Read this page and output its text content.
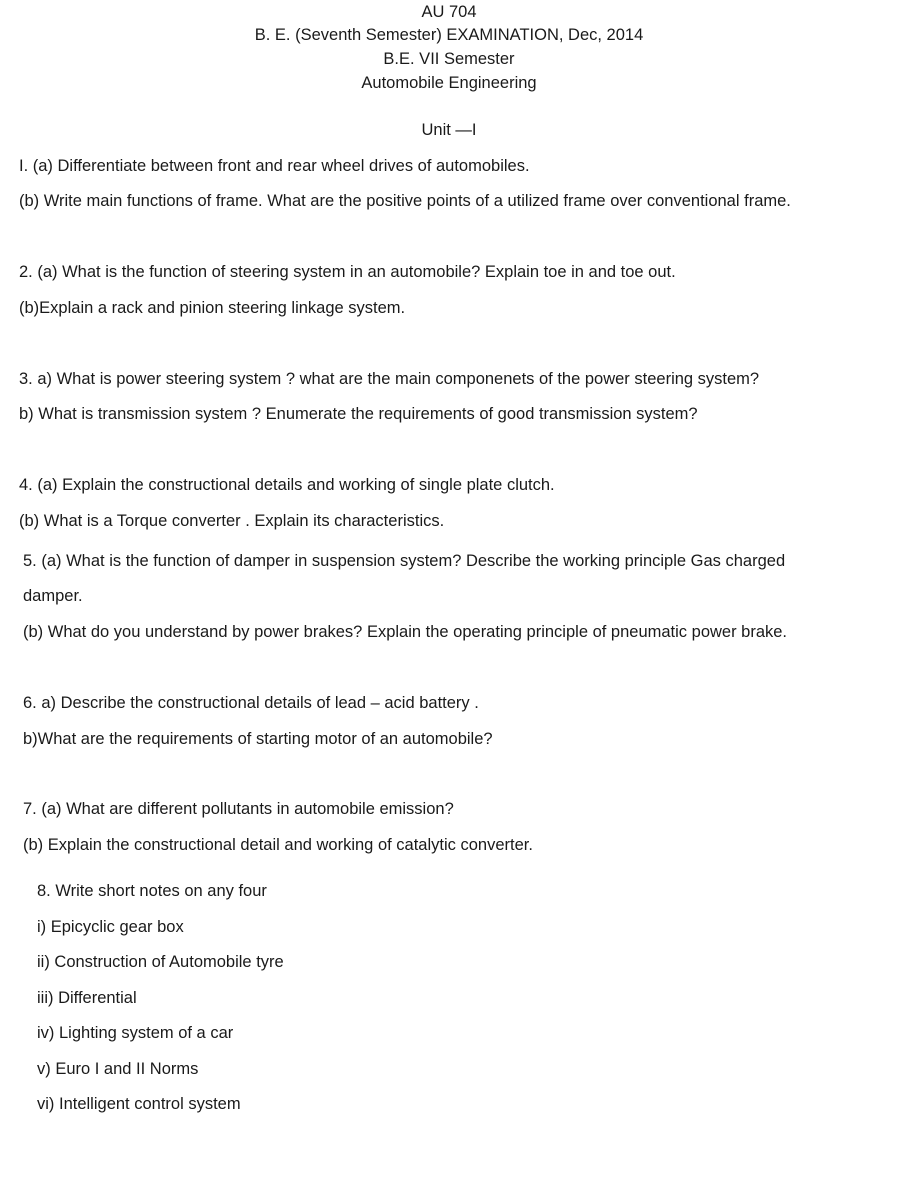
AU 704
B. E. (Seventh Semester) EXAMINATION, Dec, 2014
B.E. VII Semester
Automobile Engineering
Unit —I
I. (a) Differentiate between front and rear wheel drives of automobiles.
(b) Write main functions of frame. What are the positive points of a utilized frame over conventional frame.
2. (a) What is the function of steering system in an automobile? Explain toe in and toe out.
(b)Explain a rack and pinion steering linkage system.
3. a) What is power steering system ? what are the main componenets of the power steering system?
b) What is transmission system ? Enumerate the requirements of good transmission system?
4. (a) Explain the constructional details and working of single plate clutch.
(b) What is a Torque converter . Explain its characteristics.
5. (a) What is the function of damper in suspension system? Describe the working principle Gas charged
damper.
(b) What do you understand by power brakes? Explain the operating principle of pneumatic power brake.
6. a) Describe the constructional details of lead – acid battery .
b)What are the requirements of starting motor of an automobile?
7. (a) What are different pollutants in automobile emission?
(b) Explain the constructional detail and working of catalytic converter.
8. Write short notes on any four
i) Epicyclic gear box
ii) Construction of Automobile tyre
iii) Differential
iv) Lighting system of a car
v) Euro I and II Norms
vi) Intelligent control system
